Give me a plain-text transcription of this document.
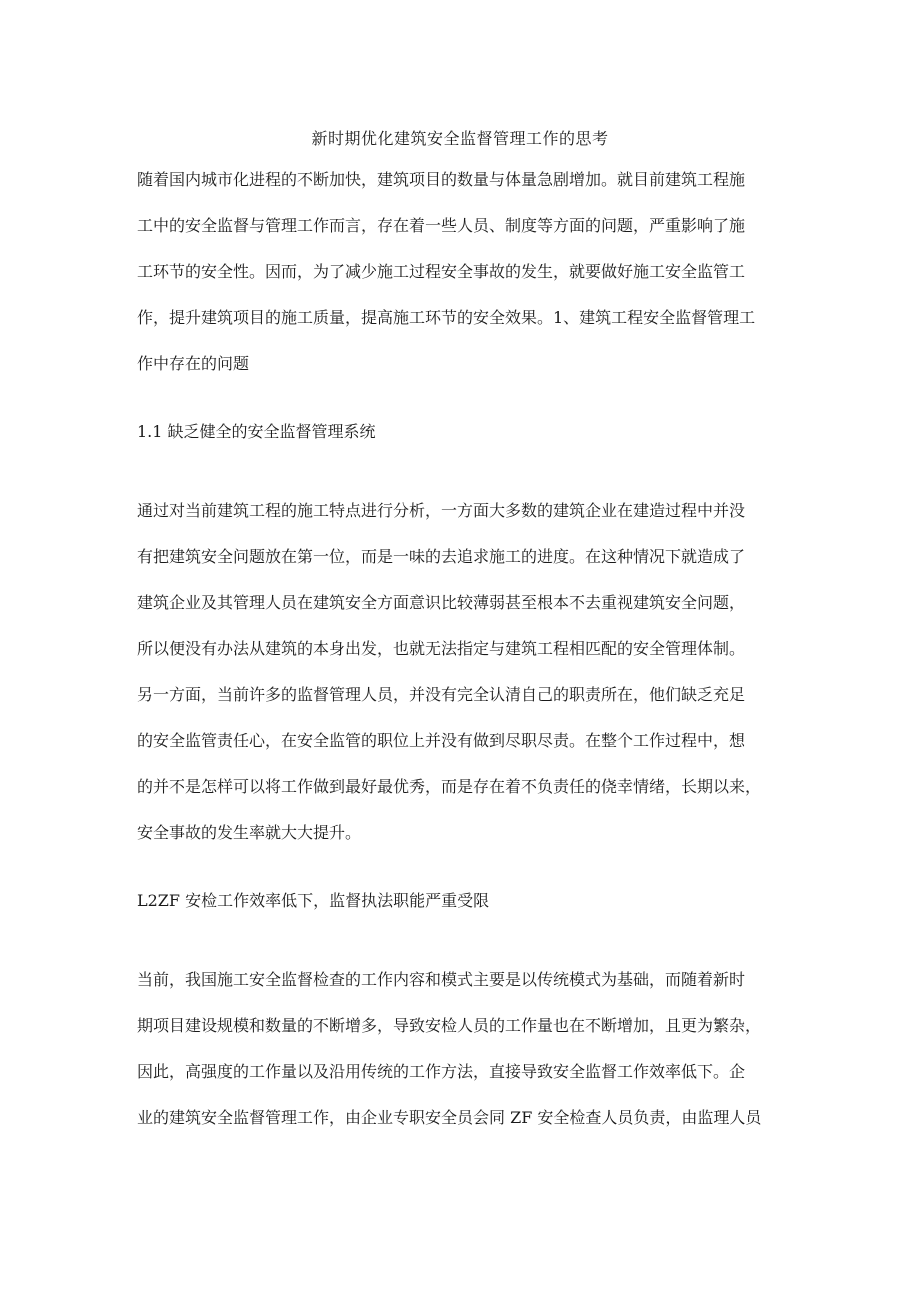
新时期优化建筑安全监督管理工作的思考
随着国内城市化进程的不断加快，建筑项目的数量与体量急剧增加。就目前建筑工程施
工中的安全监督与管理工作而言，存在着一些人员、制度等方面的问题，严重影响了施
工环节的安全性。因而，为了减少施工过程安全事故的发生，就要做好施工安全监管工
作，提升建筑项目的施工质量，提高施工环节的安全效果。1、建筑工程安全监督管理工
作中存在的问题
1.1 缺乏健全的安全监督管理系统
通过对当前建筑工程的施工特点进行分析，一方面大多数的建筑企业在建造过程中并没
有把建筑安全问题放在第一位，而是一味的去追求施工的进度。在这种情况下就造成了
建筑企业及其管理人员在建筑安全方面意识比较薄弱甚至根本不去重视建筑安全问题，
所以便没有办法从建筑的本身出发，也就无法指定与建筑工程相匹配的安全管理体制。
另一方面，当前许多的监督管理人员，并没有完全认清自己的职责所在，他们缺乏充足
的安全监管责任心，在安全监管的职位上并没有做到尽职尽责。在整个工作过程中，想
的并不是怎样可以将工作做到最好最优秀，而是存在着不负责任的侥幸情绪，长期以来，
安全事故的发生率就大大提升。
L2ZF 安检工作效率低下，监督执法职能严重受限
当前，我国施工安全监督检查的工作内容和模式主要是以传统模式为基础，而随着新时
期项目建设规模和数量的不断增多，导致安检人员的工作量也在不断增加，且更为繁杂，
因此，高强度的工作量以及沿用传统的工作方法，直接导致安全监督工作效率低下。企
业的建筑安全监督管理工作，由企业专职安全员会同 ZF 安全检查人员负责，由监理人员
